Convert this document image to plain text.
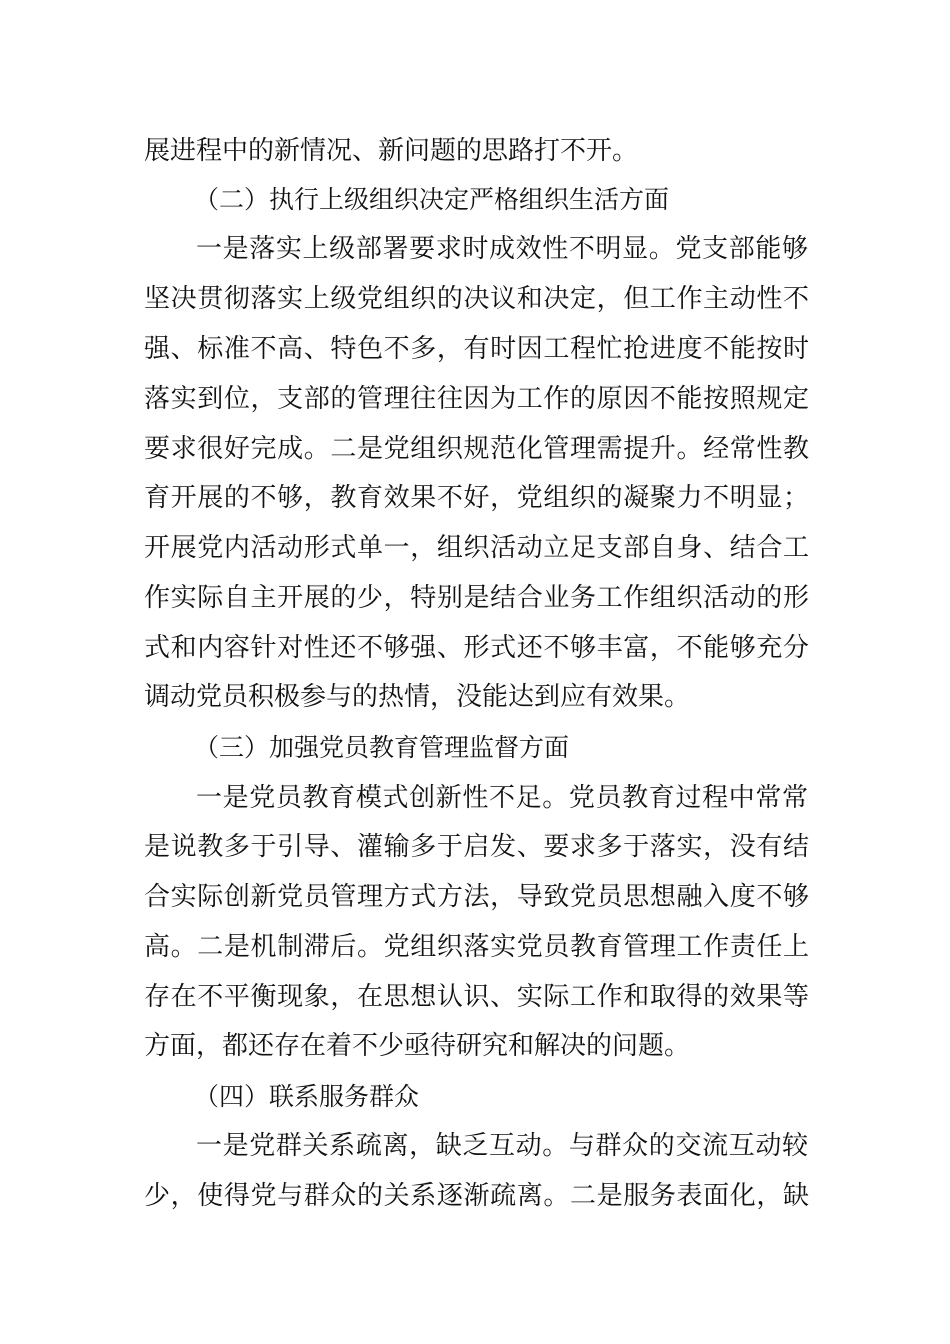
展进程中的新情况、新问题的思路打不开。
（二）执行上级组织决定严格组织生活方面
一是落实上级部署要求时成效性不明显。党支部能够
坚决贯彻落实上级党组织的决议和决定，但工作主动性不
强、标准不高、特色不多，有时因工程忙抢进度不能按时
落实到位，支部的管理往往因为工作的原因不能按照规定
要求很好完成。二是党组织规范化管理需提升。经常性教
育开展的不够，教育效果不好，党组织的凝聚力不明显；
开展党内活动形式单一，组织活动立足支部自身、结合工
作实际自主开展的少，特别是结合业务工作组织活动的形
式和内容针对性还不够强、形式还不够丰富，不能够充分
调动党员积极参与的热情，没能达到应有效果。
（三）加强党员教育管理监督方面
一是党员教育模式创新性不足。党员教育过程中常常
是说教多于引导、灌输多于启发、要求多于落实，没有结
合实际创新党员管理方式方法，导致党员思想融入度不够
高。二是机制滞后。党组织落实党员教育管理工作责任上
存在不平衡现象，在思想认识、实际工作和取得的效果等
方面，都还存在着不少亟待研究和解决的问题。
（四）联系服务群众
一是党群关系疏离，缺乏互动。与群众的交流互动较
少，使得党与群众的关系逐渐疏离。二是服务表面化，缺
